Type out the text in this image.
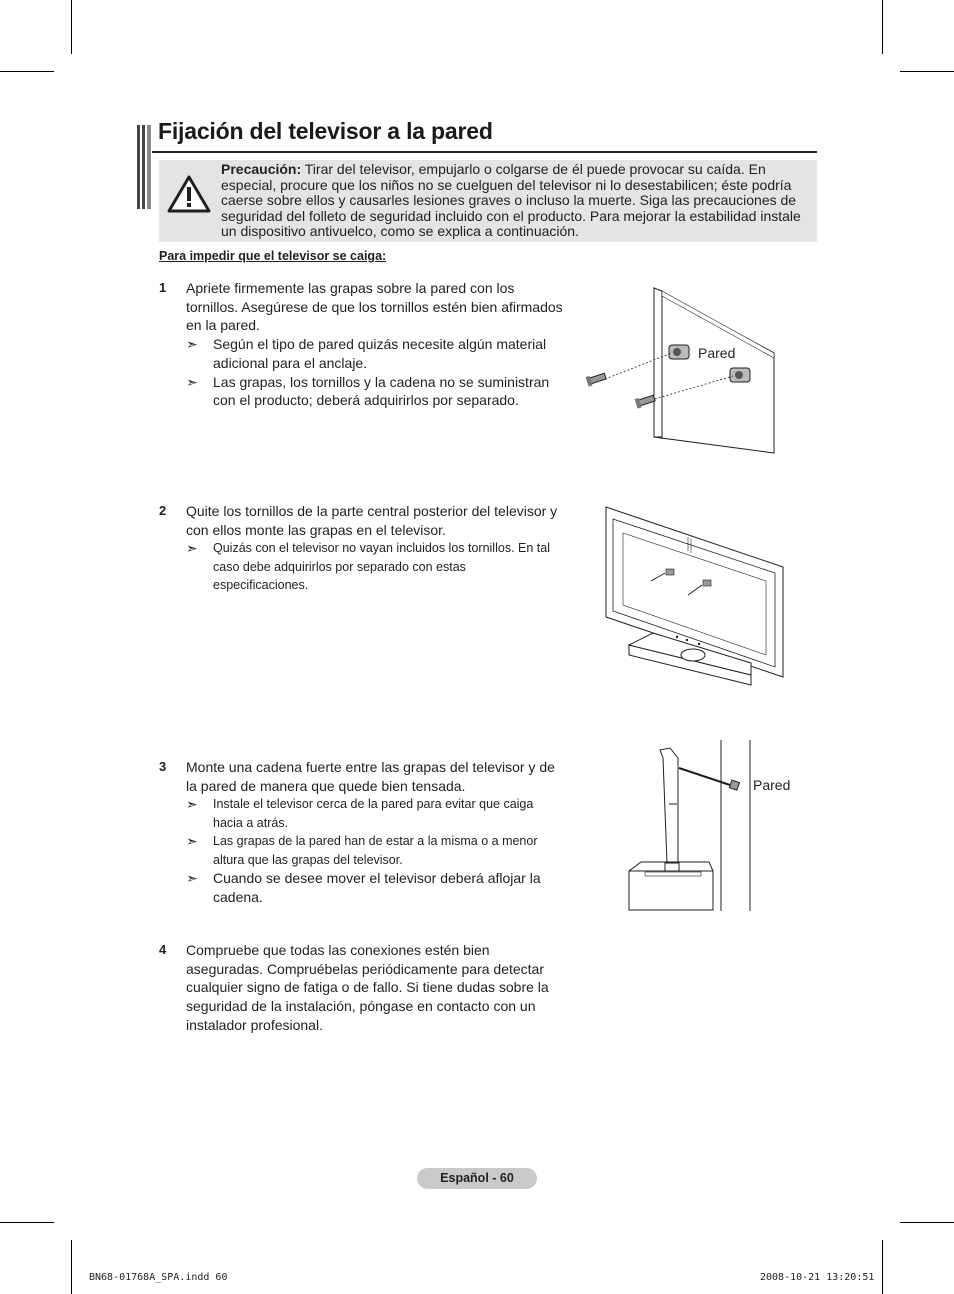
Fijación del televisor a la pared

Precaución: Tirar del televisor, empujarlo o colgarse de él puede provocar su caída. En especial, procure que los niños no se cuelguen del televisor ni lo desestabilicen; éste podría caerse sobre ellos y causarles lesiones graves o incluso la muerte. Siga las precauciones de seguridad del folleto de seguridad incluido con el producto. Para mejorar la estabilidad instale un dispositivo antivuelco, como se explica a continuación.

Para impedir que el televisor se caiga:

1 Apriete firmemente las grapas sobre la pared con los tornillos. Asegúrese de que los tornillos estén bien afirmados en la pared.
➣ Según el tipo de pared quizás necesite algún material adicional para el anclaje.
➣ Las grapas, los tornillos y la cadena no se suministran con el producto; deberá adquirirlos por separado.
2 Quite los tornillos de la parte central posterior del televisor y con ellos monte las grapas en el televisor.
➣ Quizás con el televisor no vayan incluidos los tornillos. En tal caso debe adquirirlos por separado con estas especificaciones.
3 Monte una cadena fuerte entre las grapas del televisor y de la pared de manera que quede bien tensada.
➣ Instale el televisor cerca de la pared para evitar que caiga hacia a atrás.
➣ Las grapas de la pared han de estar a la misma o a menor altura que las grapas del televisor.
➣ Cuando se desee mover el televisor deberá aflojar la cadena.
4 Compruebe que todas las conexiones estén bien aseguradas. Compruébelas periódicamente para detectar cualquier signo de fatiga o de fallo. Si tiene dudas sobre la seguridad de la instalación, póngase en contacto con un instalador profesional.
Pared
Pared
Español - 60
BN68-01768A_SPA.indd 60	2008-10-21 13:20:51
